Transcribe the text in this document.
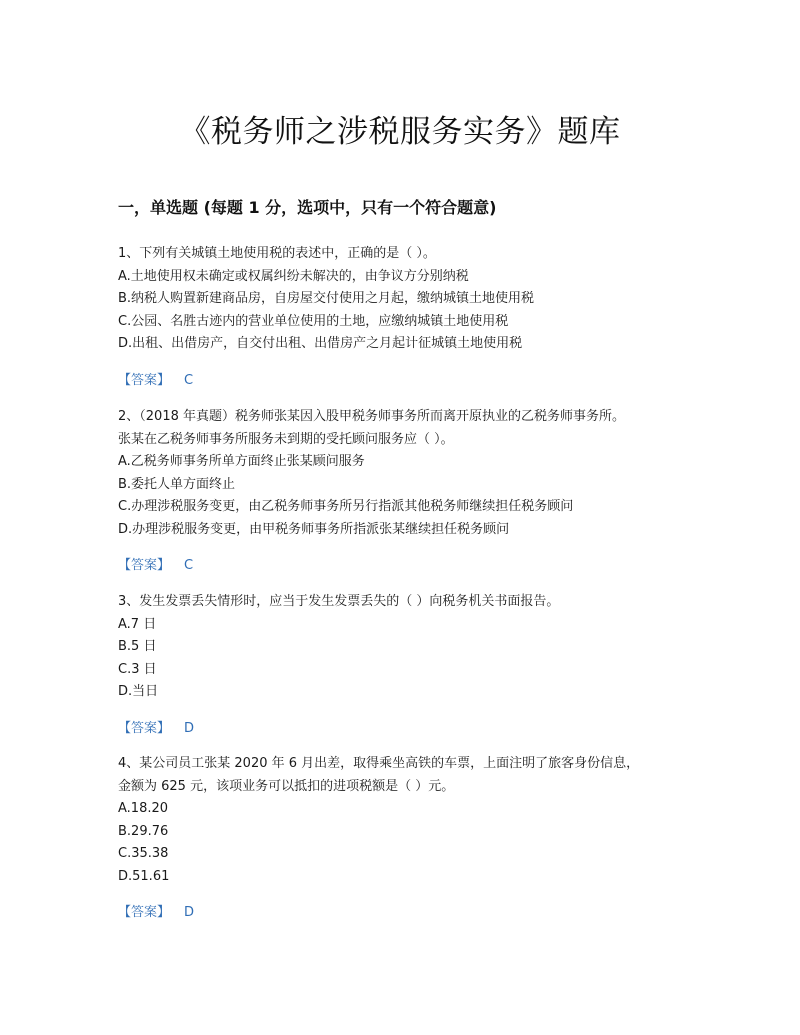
《税务师之涉税服务实务》题库
一，单选题 (每题 1 分，选项中，只有一个符合题意)
1、下列有关城镇土地使用税的表述中，正确的是（ ）。
A.土地使用权未确定或权属纠纷未解决的，由争议方分别纳税
B.纳税人购置新建商品房，自房屋交付使用之月起，缴纳城镇土地使用税
C.公园、名胜古迹内的营业单位使用的土地，应缴纳城镇土地使用税
D.出租、出借房产，自交付出租、出借房产之月起计征城镇土地使用税
【答案】 C
2、（2018 年真题）税务师张某因入股甲税务师事务所而离开原执业的乙税务师事务所。
张某在乙税务师事务所服务未到期的受托顾问服务应（ ）。
A.乙税务师事务所单方面终止张某顾问服务
B.委托人单方面终止
C.办理涉税服务变更，由乙税务师事务所另行指派其他税务师继续担任税务顾问
D.办理涉税服务变更，由甲税务师事务所指派张某继续担任税务顾问
【答案】 C
3、发生发票丢失情形时，应当于发生发票丢失的（ ）向税务机关书面报告。
A.7 日
B.5 日
C.3 日
D.当日
【答案】 D
4、某公司员工张某 2020 年 6 月出差，取得乘坐高铁的车票，上面注明了旅客身份信息，
金额为 625 元，该项业务可以抵扣的进项税额是（ ）元。
A.18.20
B.29.76
C.35.38
D.51.61
【答案】 D
